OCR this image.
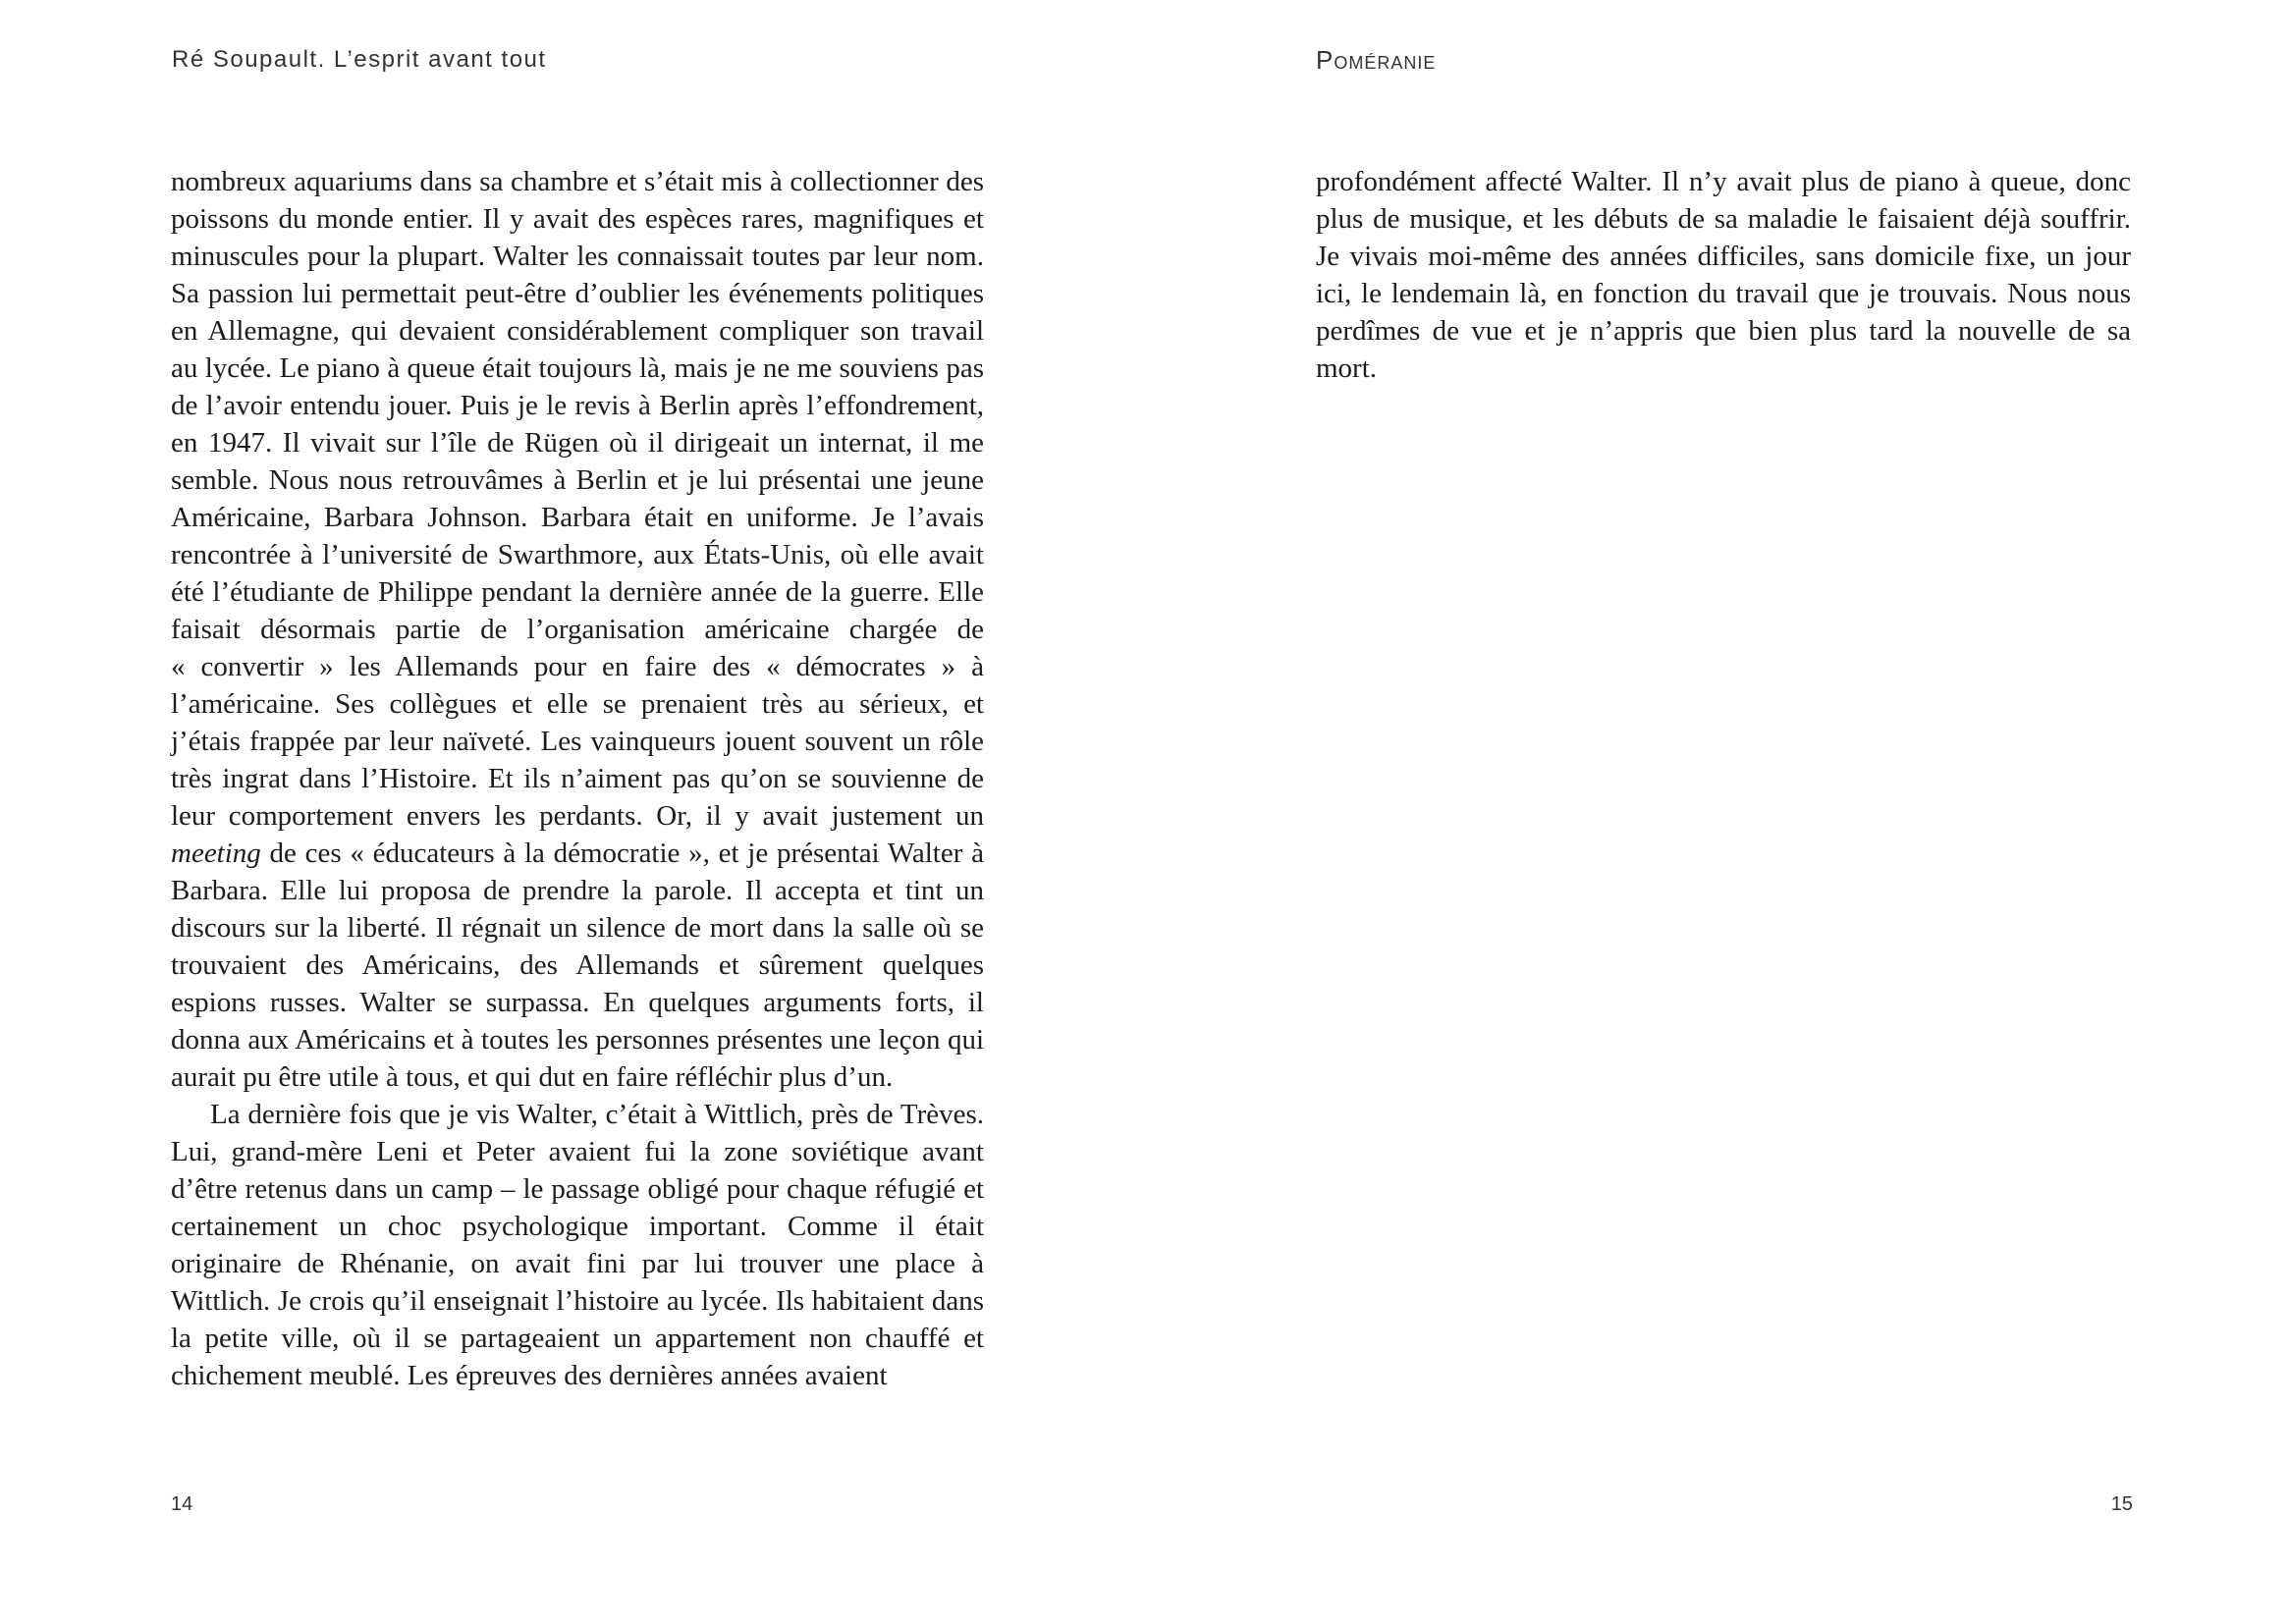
Ré Soupault. L’esprit avant tout

nombreux aquariums dans sa chambre et s’était mis à collectionner des poissons du monde entier. Il y avait des espèces rares, magnifiques et minuscules pour la plupart. Walter les connaissait toutes par leur nom. Sa passion lui permettait peut-être d’oublier les événements politiques en Allemagne, qui devaient considérablement compliquer son travail au lycée. Le piano à queue était toujours là, mais je ne me souviens pas de l’avoir entendu jouer. Puis je le revis à Berlin après l’effondrement, en 1947. Il vivait sur l’île de Rügen où il dirigeait un internat, il me semble. Nous nous retrouvâmes à Berlin et je lui présentai une jeune Américaine, Barbara Johnson. Barbara était en uniforme. Je l’avais rencontrée à l’université de Swarthmore, aux États-Unis, où elle avait été l’étudiante de Philippe pendant la dernière année de la guerre. Elle faisait désormais partie de l’organisation américaine chargée de « convertir » les Allemands pour en faire des « démocrates » à l’américaine. Ses collègues et elle se prenaient très au sérieux, et j’étais frappée par leur naïveté. Les vainqueurs jouent souvent un rôle très ingrat dans l’Histoire. Et ils n’aiment pas qu’on se souvienne de leur comportement envers les perdants. Or, il y avait justement un meeting de ces « éducateurs à la démocratie », et je présentai Walter à Barbara. Elle lui proposa de prendre la parole. Il accepta et tint un discours sur la liberté. Il régnait un silence de mort dans la salle où se trouvaient des Américains, des Allemands et sûrement quelques espions russes. Walter se surpassa. En quelques arguments forts, il donna aux Américains et à toutes les personnes présentes une leçon qui aurait pu être utile à tous, et qui dut en faire réfléchir plus d’un.

La dernière fois que je vis Walter, c’était à Wittlich, près de Trèves. Lui, grand-mère Leni et Peter avaient fui la zone soviétique avant d’être retenus dans un camp – le passage obligé pour chaque réfugié et certainement un choc psychologique important. Comme il était originaire de Rhénanie, on avait fini par lui trouver une place à Wittlich. Je crois qu’il enseignait l’histoire au lycée. Ils habitaient dans la petite ville, où il se partageaient un appartement non chauffé et chichement meublé. Les épreuves des dernières années avaient

14
Poméranie

profondément affecté Walter. Il n’y avait plus de piano à queue, donc plus de musique, et les débuts de sa maladie le faisaient déjà souffrir. Je vivais moi-même des années difficiles, sans domicile fixe, un jour ici, le lendemain là, en fonction du travail que je trouvais. Nous nous perdîmes de vue et je n’appris que bien plus tard la nouvelle de sa mort.

15
